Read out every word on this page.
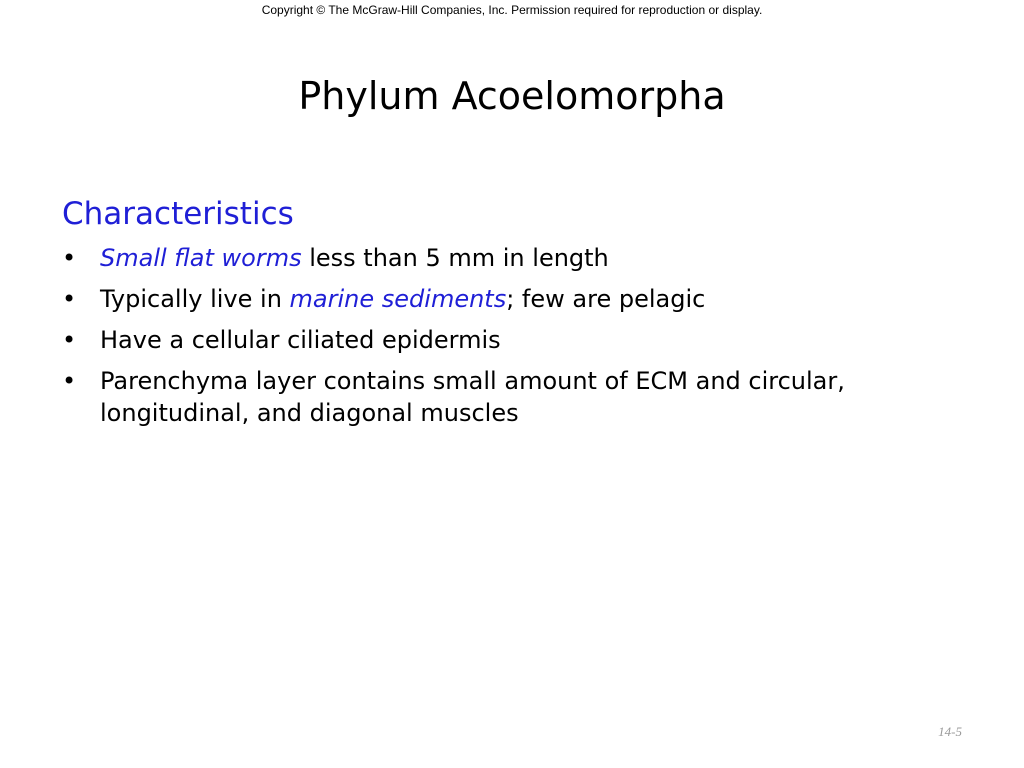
Copyright © The McGraw-Hill Companies, Inc. Permission required for reproduction or display.
Phylum Acoelomorpha
Characteristics
• Small flat worms less than 5 mm in length
• Typically live in marine sediments; few are pelagic
• Have a cellular ciliated epidermis
• Parenchyma layer contains small amount of ECM and circular, longitudinal, and diagonal muscles
14-5
